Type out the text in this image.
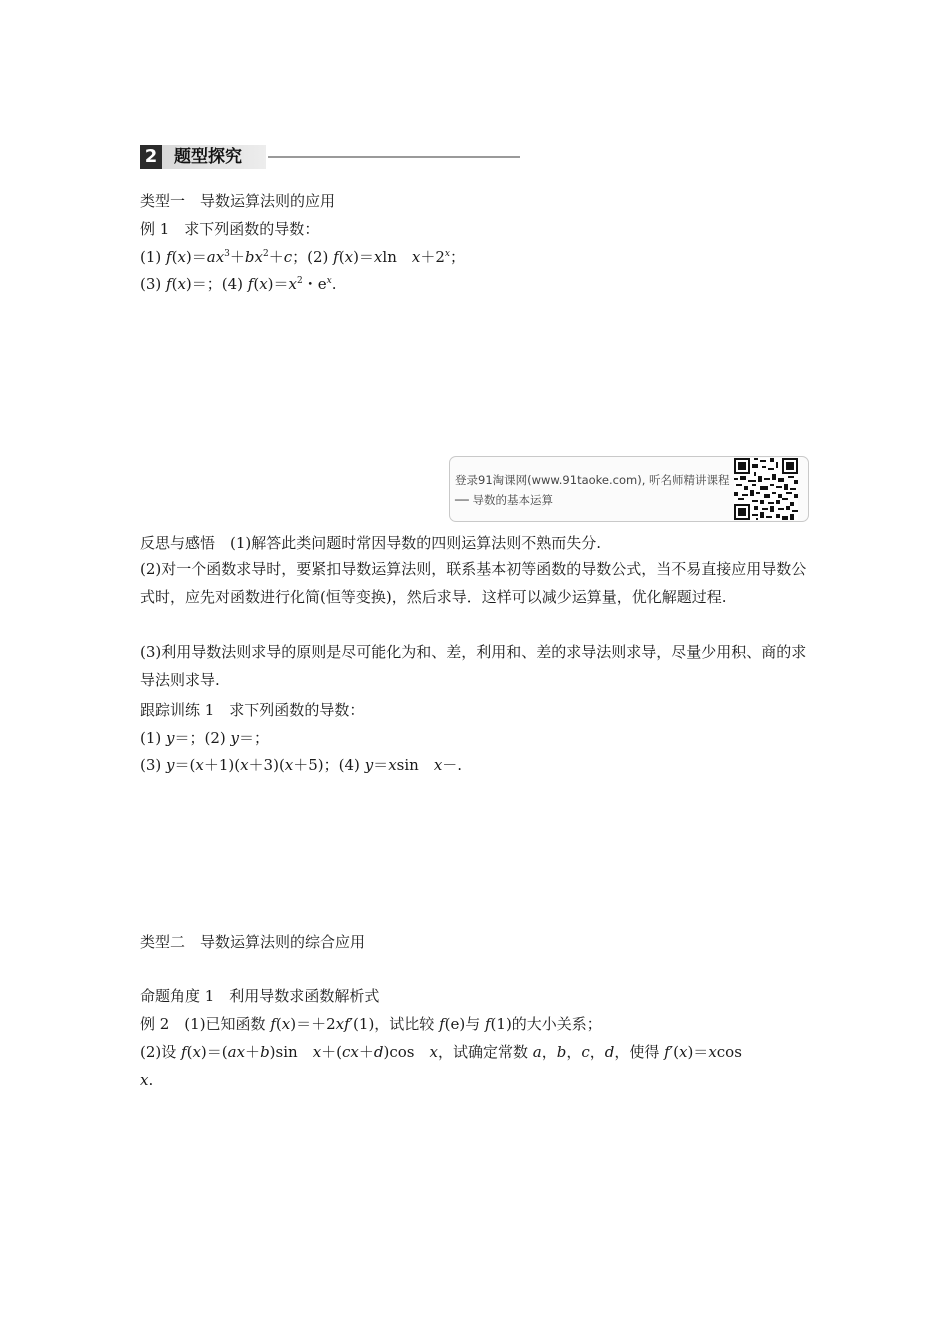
2 题型探究
类型一　导数运算法则的应用
例 1　求下列函数的导数：
(1) $f(x)=ax^3+bx^2+c$；(2) f(x)＝xln　$x+2^x$；
(3) f(x)＝；(4) $f(x)=x^2$・$e^x$.
登录91淘课网(www.91taoke.com), 听名师精讲课程
── 导数的基本运算
反思与感悟　(1)解答此类问题时常因导数的四则运算法则不熟而失分.
(2)对一个函数求导时，要紧扣导数运算法则，联系基本初等函数的导数公式，当不易直接应用导数公式时，应先对函数进行化简(恒等变换)，然后求导．这样可以减少运算量，优化解题过程.
(3)利用导数法则求导的原则是尽可能化为和、差，利用和、差的求导法则求导，尽量少用积、商的求导法则求导.
跟踪训练 1　求下列函数的导数：
(1) y＝；(2) y＝；
(3) y＝(x＋1)(x＋3)(x＋5)；(4) y＝xsin　x－.
类型二　导数运算法则的综合应用
命题角度 1　利用导数求函数解析式
例 2　(1)已知函数 f(x)＝＋2xf′(1)，试比较 f(e)与 f(1)的大小关系；
(2)设 f(x)＝(ax＋b)sin　x＋(cx＋d)cos　x，试确定常数 a，b，c，d，使得 f′(x)＝xcos
x.
